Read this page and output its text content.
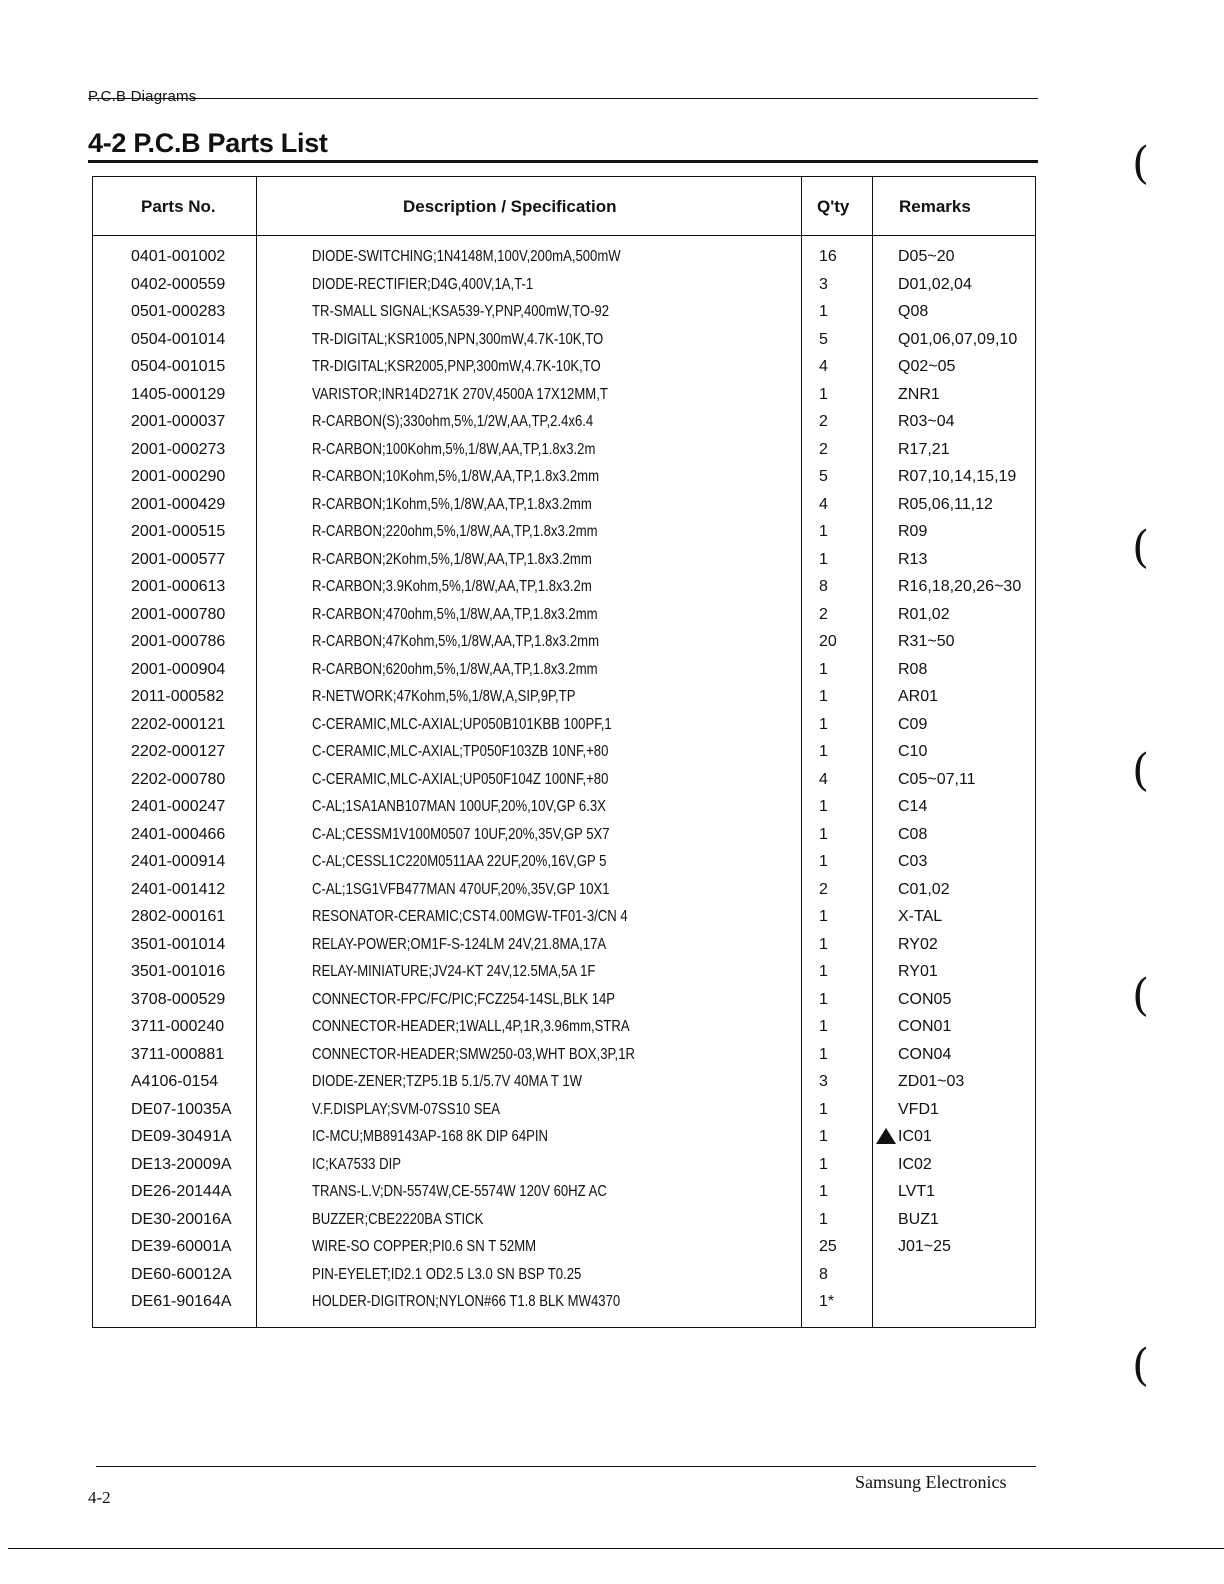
P.C.B Diagrams
4-2 P.C.B Parts List
Parts No.	Description / Specification	Q'ty	Remarks
0401-001002	DIODE-SWITCHING;1N4148M,100V,200mA,500mW	16	D05~20
0402-000559	DIODE-RECTIFIER;D4G,400V,1A,T-1	3	D01,02,04
0501-000283	TR-SMALL SIGNAL;KSA539-Y,PNP,400mW,TO-92	1	Q08
0504-001014	TR-DIGITAL;KSR1005,NPN,300mW,4.7K-10K,TO	5	Q01,06,07,09,10
0504-001015	TR-DIGITAL;KSR2005,PNP,300mW,4.7K-10K,TO	4	Q02~05
1405-000129	VARISTOR;INR14D271K 270V,4500A 17X12MM,T	1	ZNR1
2001-000037	R-CARBON(S);330ohm,5%,1/2W,AA,TP,2.4x6.4	2	R03~04
2001-000273	R-CARBON;100Kohm,5%,1/8W,AA,TP,1.8x3.2m	2	R17,21
2001-000290	R-CARBON;10Kohm,5%,1/8W,AA,TP,1.8x3.2mm	5	R07,10,14,15,19
2001-000429	R-CARBON;1Kohm,5%,1/8W,AA,TP,1.8x3.2mm	4	R05,06,11,12
2001-000515	R-CARBON;220ohm,5%,1/8W,AA,TP,1.8x3.2mm	1	R09
2001-000577	R-CARBON;2Kohm,5%,1/8W,AA,TP,1.8x3.2mm	1	R13
2001-000613	R-CARBON;3.9Kohm,5%,1/8W,AA,TP,1.8x3.2m	8	R16,18,20,26~30
2001-000780	R-CARBON;470ohm,5%,1/8W,AA,TP,1.8x3.2mm	2	R01,02
2001-000786	R-CARBON;47Kohm,5%,1/8W,AA,TP,1.8x3.2mm	20	R31~50
2001-000904	R-CARBON;620ohm,5%,1/8W,AA,TP,1.8x3.2mm	1	R08
2011-000582	R-NETWORK;47Kohm,5%,1/8W,A,SIP,9P,TP	1	AR01
2202-000121	C-CERAMIC,MLC-AXIAL;UP050B101KBB 100PF,1	1	C09
2202-000127	C-CERAMIC,MLC-AXIAL;TP050F103ZB 10NF,+80	1	C10
2202-000780	C-CERAMIC,MLC-AXIAL;UP050F104Z 100NF,+80	4	C05~07,11
2401-000247	C-AL;1SA1ANB107MAN 100UF,20%,10V,GP 6.3X	1	C14
2401-000466	C-AL;CESSM1V100M0507 10UF,20%,35V,GP 5X7	1	C08
2401-000914	C-AL;CESSL1C220M0511AA 22UF,20%,16V,GP 5	1	C03
2401-001412	C-AL;1SG1VFB477MAN 470UF,20%,35V,GP 10X1	2	C01,02
2802-000161	RESONATOR-CERAMIC;CST4.00MGW-TF01-3/CN 4	1	X-TAL
3501-001014	RELAY-POWER;OM1F-S-124LM 24V,21.8MA,17A	1	RY02
3501-001016	RELAY-MINIATURE;JV24-KT 24V,12.5MA,5A 1F	1	RY01
3708-000529	CONNECTOR-FPC/FC/PIC;FCZ254-14SL,BLK 14P	1	CON05
3711-000240	CONNECTOR-HEADER;1WALL,4P,1R,3.96mm,STRA	1	CON01
3711-000881	CONNECTOR-HEADER;SMW250-03,WHT BOX,3P,1R	1	CON04
A4106-0154	DIODE-ZENER;TZP5.1B 5.1/5.7V 40MA T 1W	3	ZD01~03
DE07-10035A	V.F.DISPLAY;SVM-07SS10 SEA	1	VFD1
DE09-30491A	IC-MCU;MB89143AP-168 8K DIP 64PIN	1	IC01
DE13-20009A	IC;KA7533 DIP	1	IC02
DE26-20144A	TRANS-L.V;DN-5574W,CE-5574W 120V 60HZ AC	1	LVT1
DE30-20016A	BUZZER;CBE2220BA STICK	1	BUZ1
DE39-60001A	WIRE-SO COPPER;PI0.6 SN T 52MM	25	J01~25
DE60-60012A	PIN-EYELET;ID2.1 OD2.5 L3.0 SN BSP T0.25	8
DE61-90164A	HOLDER-DIGITRON;NYLON#66 T1.8 BLK MW4370	1*
(
(
(
(
(
4-2
Samsung Electronics
